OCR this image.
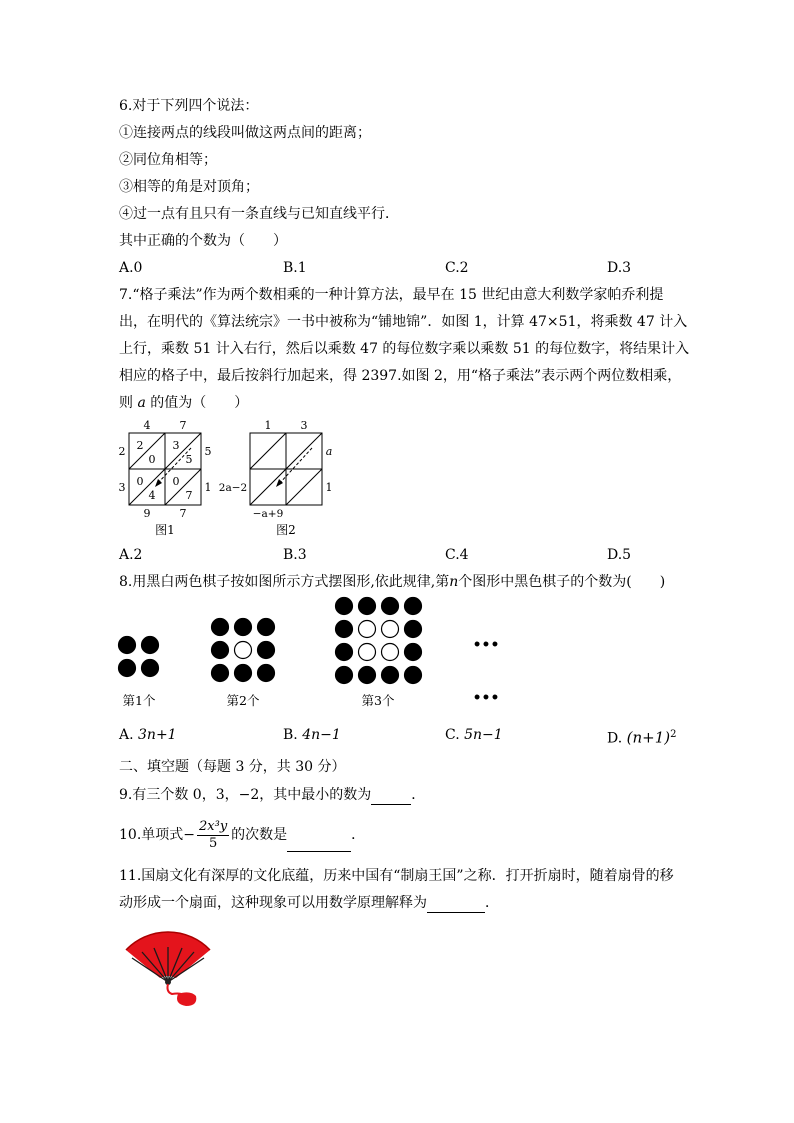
6.对于下列四个说法：
①连接两点的线段叫做这两点间的距离；
②同位角相等；
③相等的角是对顶角；
④过一点有且只有一条直线与已知直线平行．
其中正确的个数为（　　）
A.0	B.1	C.2	D.3
7.“格子乘法”作为两个数相乘的一种计算方法，最早在 15 世纪由意大利数学家帕乔利提
出，在明代的《算法统宗》一书中被称为“铺地锦”．如图 1，计算 47×51，将乘数 47 计入
上行，乘数 51 计入右行，然后以乘数 47 的每位数字乘以乘数 51 的每位数字，将结果计入
相应的格子中，最后按斜行加起来，得 2397.如图 2，用“格子乘法”表示两个两位数相乘，
则 a 的值为（　　）
4	7
5
1
2
3
9	7
2
0
3
5
0
4
0
7
图1
1	3
a
1
2a−2
−a+9
图2
A.2	B.3	C.4	D.5
8.用黑白两色棋子按如图所示方式摆图形,依此规律,第n个图形中黑色棋子的个数为(　　)
第1个	第2个	第3个
•••
•••
A. 3n+1	B. 4n−1	C. 5n−1	D. $(n+1)^2$
二、填空题（每题 3 分，共 30 分）
9.有三个数 0，3，−2，其中最小的数为	．
10.单项式− $\frac{\text{2x³y}}{5}$ 的次数是	．
11.国扇文化有深厚的文化底蕴，历来中国有“制扇王国”之称．打开折扇时，随着扇骨的移
动形成一个扇面，这种现象可以用数学原理解释为	．
